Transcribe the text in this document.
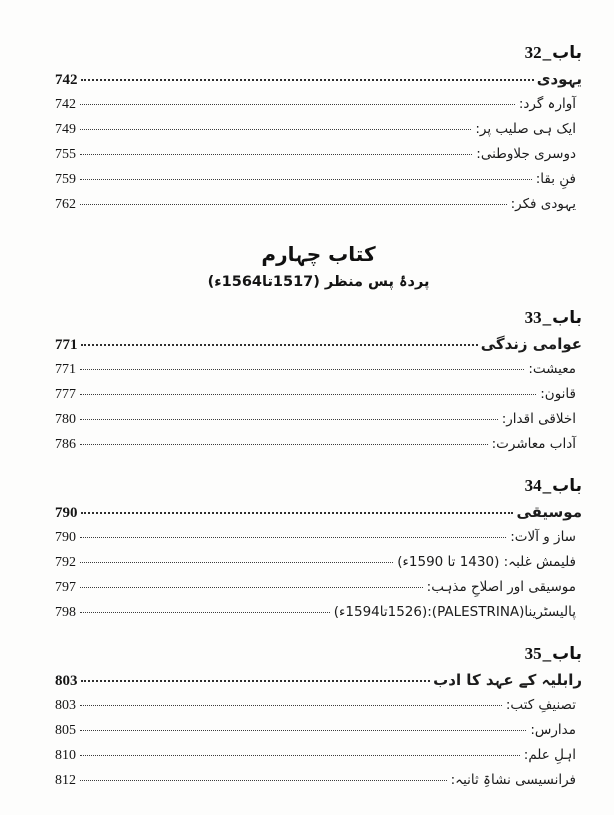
باب_32
یہودی
742
آوارہ گرد:
742
ایک ہی صلیب پر:
749
دوسری جلاوطنی:
755
فنِ بقا:
759
یہودی فکر:
762
کتاب چہارم
پردۂ پس منظر (1517تا1564ء)
باب_33
عوامی زندگی
771
معیشت:
771
قانون:
777
اخلاقی اقدار:
780
آداب معاشرت:
786
باب_34
موسیقی
790
ساز و آلات:
790
فلیمش غلبہ: (1430 تا 1590ء)
792
موسیقی اور اصلاحِ مذہب:
797
پالیسٹرینا(PALESTRINA):(1526تا1594ء)
798
باب_35
رابلیہ کے عہد کا ادب
803
تصنیفِ کتب:
803
مدارس:
805
اہلِ علم:
810
فرانسیسی نشاۃِ ثانیہ:
812
